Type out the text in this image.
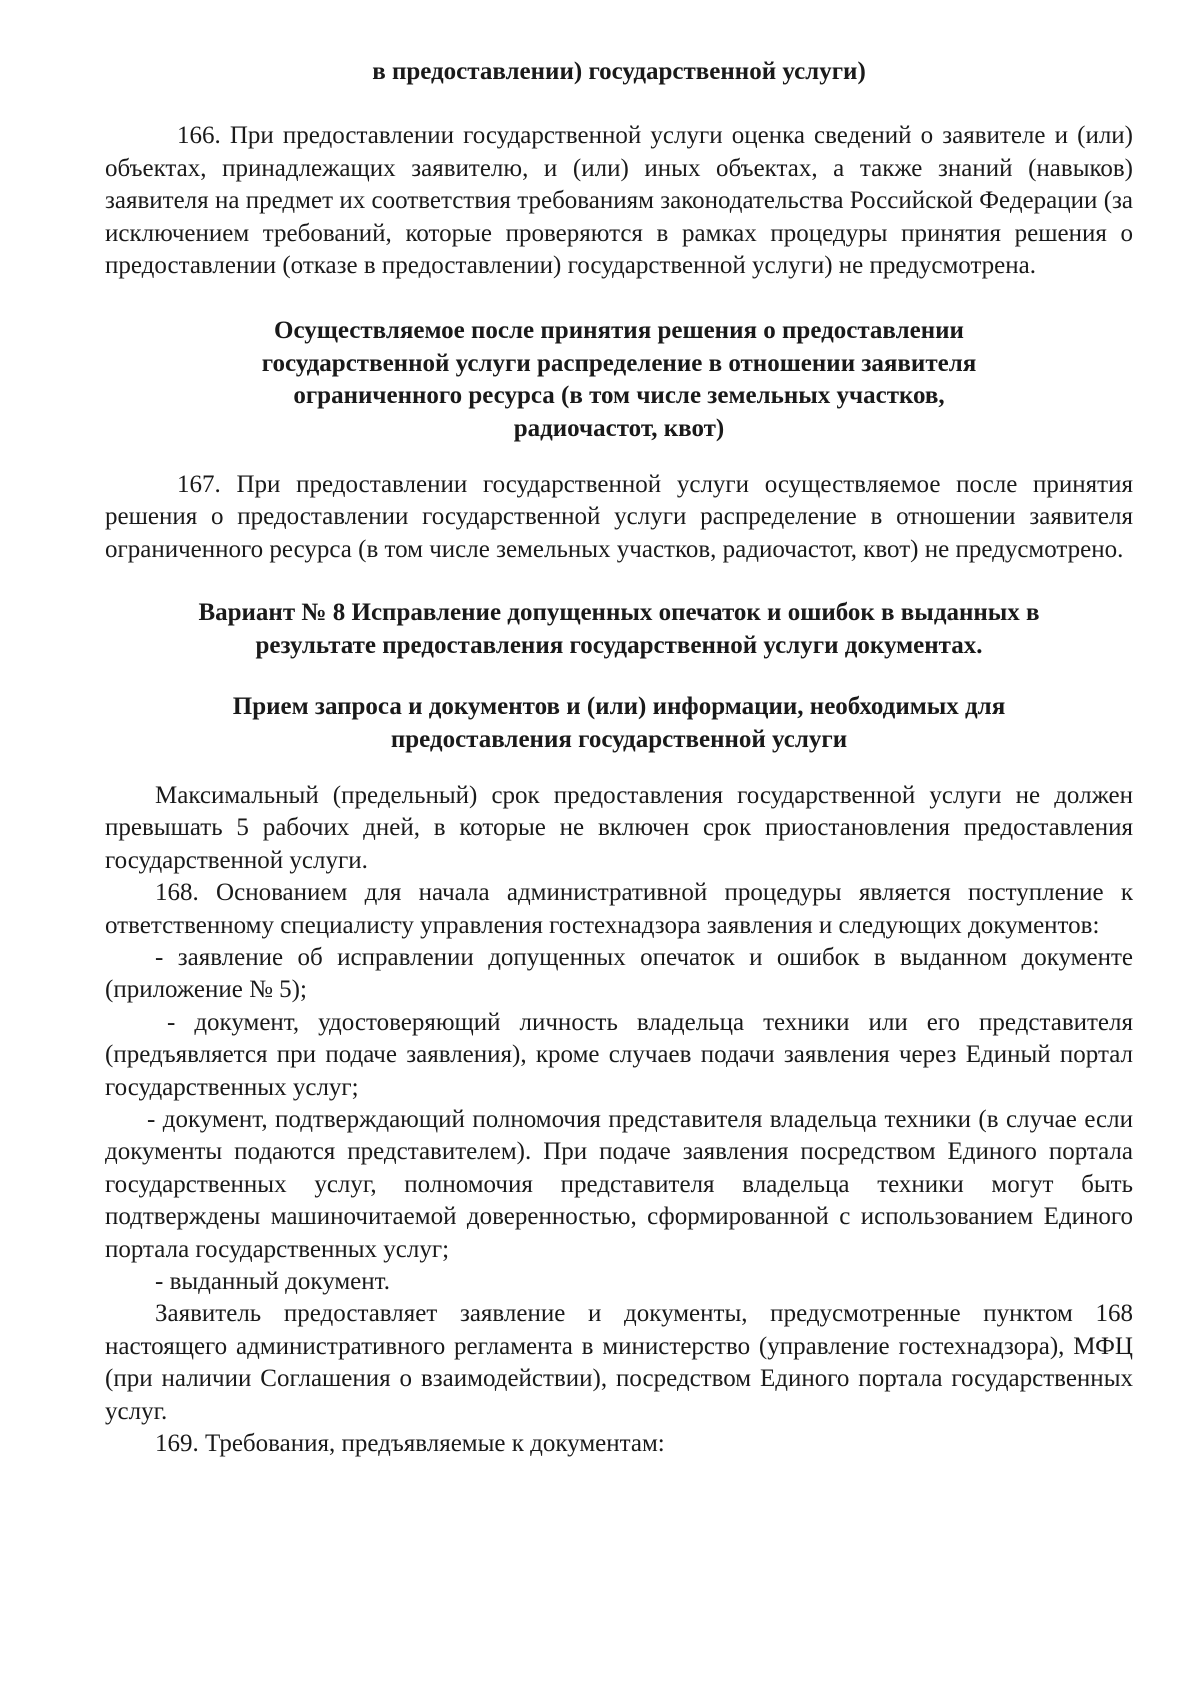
в предоставлении) государственной услуги)

166. При предоставлении государственной услуги оценка сведений о заявителе и (или) объектах, принадлежащих заявителю, и (или) иных объектах, а также знаний (навыков) заявителя на предмет их соответствия требованиям законодательства Российской Федерации (за исключением требований, которые проверяются в рамках процедуры принятия решения о предоставлении (отказе в предоставлении) государственной услуги) не предусмотрена.

Осуществляемое после принятия решения о предоставлении
государственной услуги распределение в отношении заявителя
ограниченного ресурса (в том числе земельных участков,
радиочастот, квот)

167. При предоставлении государственной услуги осуществляемое после принятия решения о предоставлении государственной услуги распределение в отношении заявителя ограниченного ресурса (в том числе земельных участков, радиочастот, квот) не предусмотрено.

Вариант № 8 Исправление допущенных опечаток и ошибок в выданных в
результате предоставления государственной услуги документах.
Прием запроса и документов и (или) информации, необходимых для
предоставления государственной услуги

Максимальный (предельный) срок предоставления государственной услуги не должен превышать 5 рабочих дней, в которые не включен срок приостановления предоставления государственной услуги.

168. Основанием для начала административной процедуры является поступление к ответственному специалисту управления гостехнадзора заявления и следующих документов:

- заявление об исправлении допущенных опечаток и ошибок в выданном документе (приложение № 5);

- документ, удостоверяющий личность владельца техники или его представителя (предъявляется при подаче заявления), кроме случаев подачи заявления через Единый портал государственных услуг;

- документ, подтверждающий полномочия представителя владельца техники (в случае если документы подаются представителем). При подаче заявления посредством Единого портала государственных услуг, полномочия представителя владельца техники могут быть подтверждены машиночитаемой доверенностью, сформированной с использованием Единого портала государственных услуг;

- выданный документ.

Заявитель предоставляет заявление и документы, предусмотренные пунктом 168 настоящего административного регламента в министерство (управление гостехнадзора), МФЦ (при наличии Соглашения о взаимодействии), посредством Единого портала государственных услуг.

169. Требования, предъявляемые к документам:
